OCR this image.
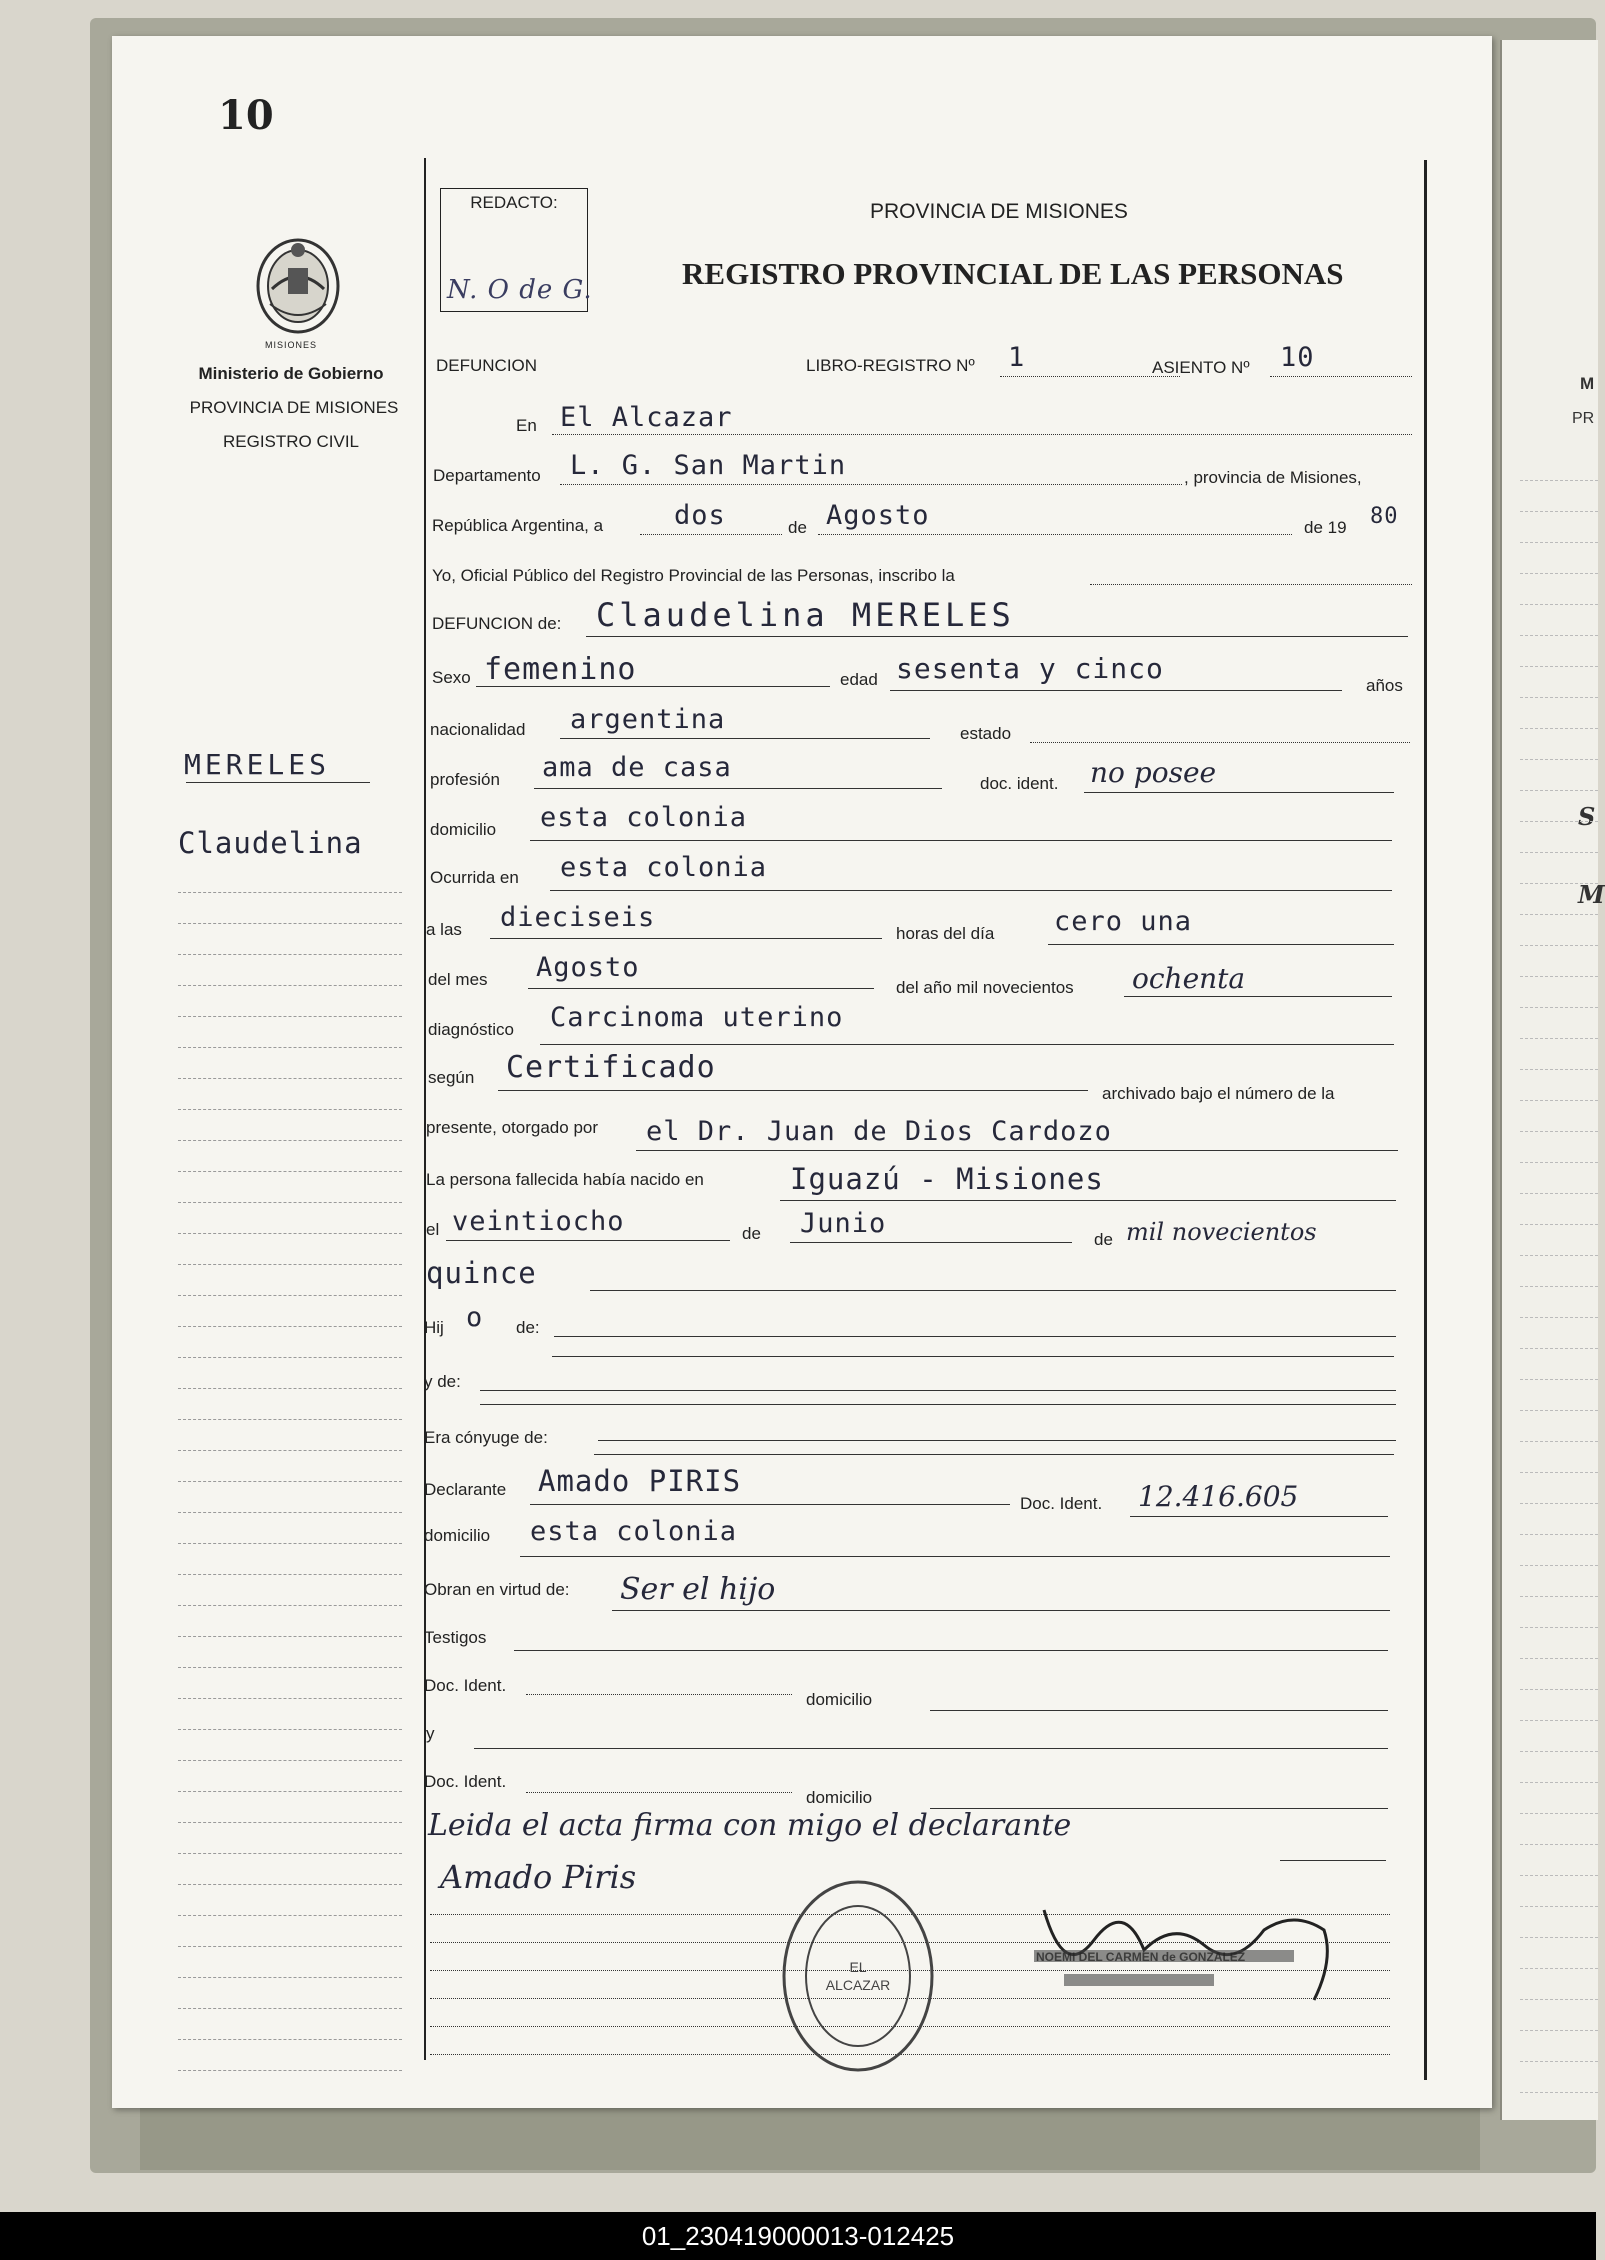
M
PR
S
M
10
MISIONES
Ministerio de Gobierno
PROVINCIA DE MISIONES
REGISTRO CIVIL
MERELES
Claudelina
REDACTO:
N. O de G.
PROVINCIA DE MISIONES
REGISTRO PROVINCIAL DE LAS PERSONAS
DEFUNCION	LIBRO-REGISTRO Nº 1	ASIENTO Nº 10
En El Alcazar
Departamento L. G. San Martin	, provincia de Misiones,
República Argentina, a	dos	de Agosto	de 19 80
Yo, Oficial Público del Registro Provincial de las Personas, inscribo la
DEFUNCION de: Claudelina MERELES
Sexo femenino	edad sesenta y cinco
años
nacionalidad argentina	estado
profesión ama de casa
doc. ident. no posee
domicilio esta colonia
Ocurrida en esta colonia
a las dieciseis
horas del día cero una
del mes Agosto
del año mil novecientos ochenta
diagnóstico Carcinoma uterino
según Certificado
archivado bajo el número de la
presente, otorgado por el Dr. Juan de Dios Cardozo
La persona fallecida había nacido en	Iguazú - Misiones
el veintiocho	de Junio
de mil novecientos
quince
Hij o de:
y de:
Era cónyuge de:
Declarante Amado PIRIS
Doc. Ident. 12.416.605
domicilio esta colonia
Obran en virtud de: Ser el hijo
Testigos
Doc. Ident.
domicilio
y
Doc. Ident.
domicilio
Leida el acta firma con migo el declarante
Amado Piris
EL
ALCAZAR
NOEMI DEL CARMEN de GONZALEZ
01_230419000013-012425
